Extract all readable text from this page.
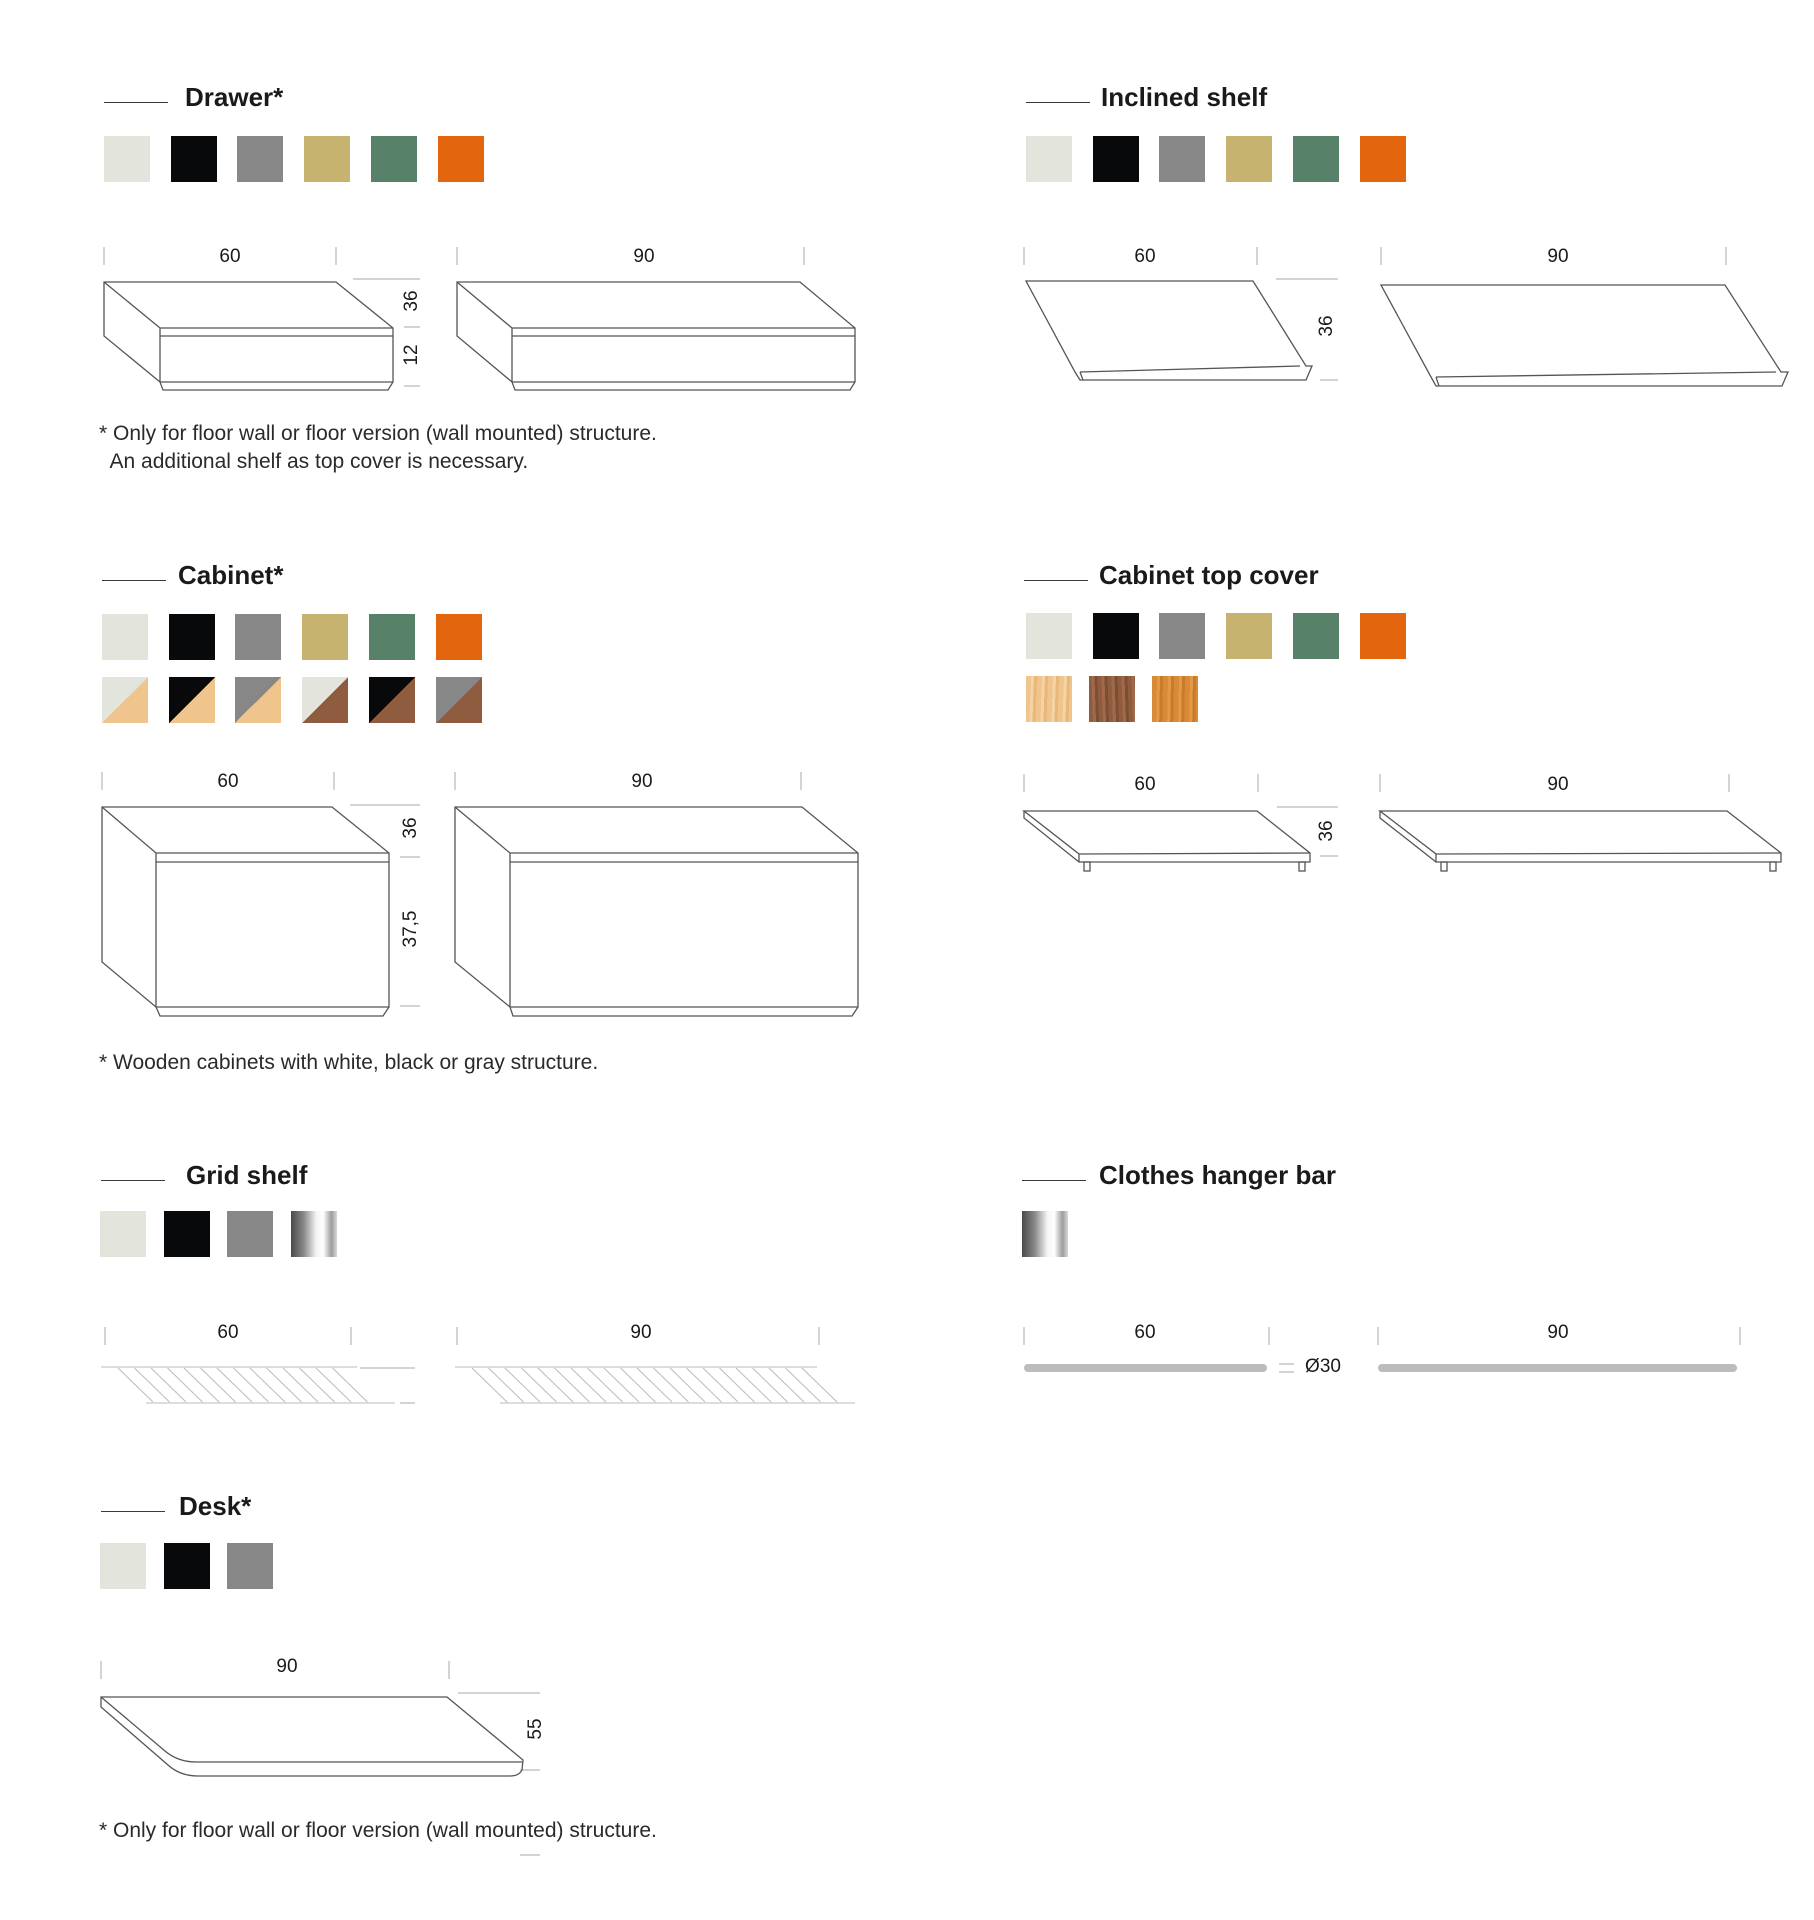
Drawer*
60	90
36
12
* Only for floor wall or floor version (wall mounted) structure.
An additional shelf as top cover is necessary.
Inclined shelf
60	90
36
Cabinet*
60	90
36
37,5
* Wooden cabinets with white, black or gray structure.
Cabinet top cover
60	90
36
Grid shelf
60	90
Clothes hanger bar
60	90
Ø30
Desk*
90
55
* Only for floor wall or floor version (wall mounted) structure.
